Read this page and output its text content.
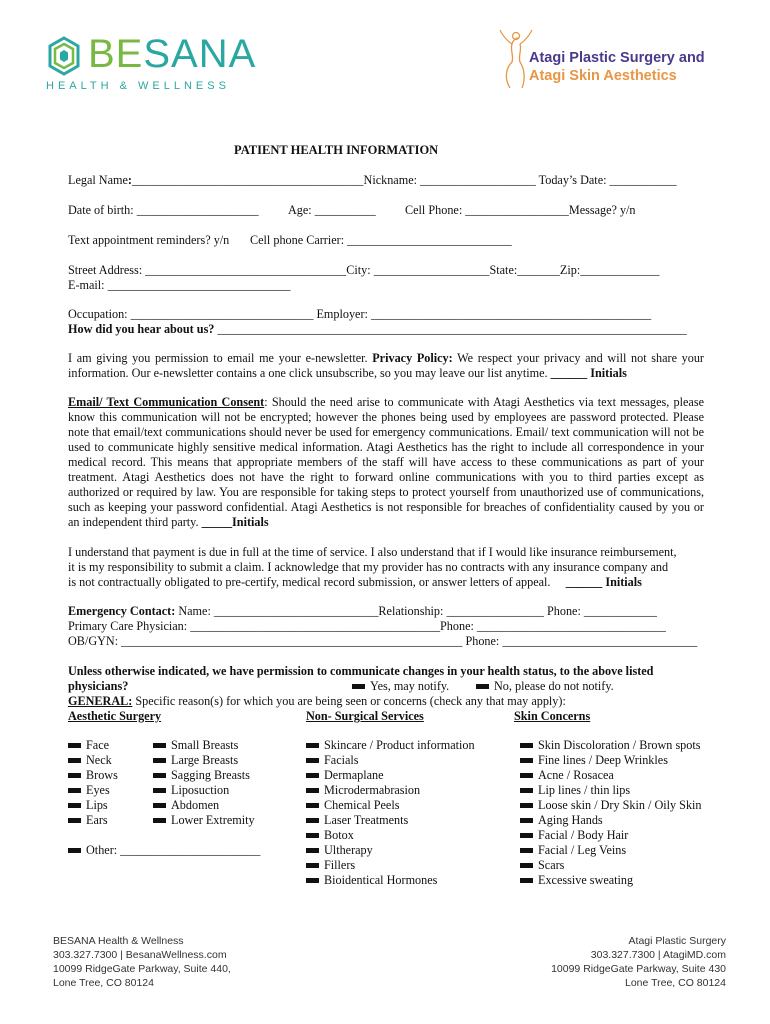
BESANA
HEALTH & WELLNESS
Atagi Plastic Surgery and
Atagi Skin Aesthetics
PATIENT HEALTH INFORMATION
Legal Name:______________________________________Nickname: ___________________ Today’s Date: ___________
Date of birth: ____________________ Age: __________ Cell Phone: _________________Message? y/n
Text appointment reminders? y/n Cell phone Carrier: ___________________________
Street Address: _________________________________City: ___________________State:_______Zip:_____________
E-mail: ______________________________
Occupation: ______________________________ Employer: ______________________________________________
How did you hear about us? _____________________________________________________________________________
I am giving you permission to email me your e-newsletter. Privacy Policy: We respect your privacy and will not share your information. Our e-newsletter contains a one click unsubscribe, so you may leave our list anytime. ______ Initials
Email/ Text Communication Consent: Should the need arise to communicate with Atagi Aesthetics via text messages, please know this communication will not be encrypted; however the phones being used by employees are password protected. Please note that email/text communications should never be used for emergency communications. Email/ text communication will not be used to communicate highly sensitive medical information. Atagi Aesthetics has the right to include all correspondence in your medical record. This means that appropriate members of the staff will have access to these communications as part of your treatment. Atagi Aesthetics does not have the right to forward online communications with you to third parties except as authorized or required by law. You are responsible for taking steps to protect yourself from unauthorized use of communications, such as keeping your password confidential. Atagi Aesthetics is not responsible for breaches of confidentiality caused by you or an independent third party. _____Initials
I understand that payment is due in full at the time of service. I also understand that if I would like insurance reimbursement,
it is my responsibility to submit a claim. I acknowledge that my provider has no contracts with any insurance company and
is not contractually obligated to pre-certify, medical record submission, or answer letters of appeal. ______ Initials
Emergency Contact: Name: ___________________________Relationship: ________________ Phone: ____________
Primary Care Physician: _________________________________________Phone: _______________________________
OB/GYN: ________________________________________________________ Phone: ________________________________
Unless otherwise indicated, we have permission to communicate changes in your health status, to the above listed
physicians?	Yes, may notify.	No, please do not notify.
GENERAL: Specific reason(s) for which you are being seen or concerns (check any that may apply):
Aesthetic Surgery	Non- Surgical Services	Skin Concerns
Face
Neck
Brows
Eyes
Lips
Ears
Small Breasts
Large Breasts
Sagging Breasts
Liposuction
Abdomen
Lower Extremity
Other: _______________________
Skincare / Product information
Facials
Dermaplane
Microdermabrasion
Chemical Peels
Laser Treatments
Botox
Ultherapy
Fillers
Bioidentical Hormones
Skin Discoloration / Brown spots
Fine lines / Deep Wrinkles
Acne / Rosacea
Lip lines / thin lips
Loose skin / Dry Skin / Oily Skin
Aging Hands
Facial / Body Hair
Facial / Leg Veins
Scars
Excessive sweating
BESANA Health & Wellness
303.327.7300 | BesanaWellness.com
10099 RidgeGate Parkway, Suite 440,
Lone Tree, CO 80124
Atagi Plastic Surgery
303.327.7300 | AtagiMD.com
10099 RidgeGate Parkway, Suite 430
Lone Tree, CO 80124
